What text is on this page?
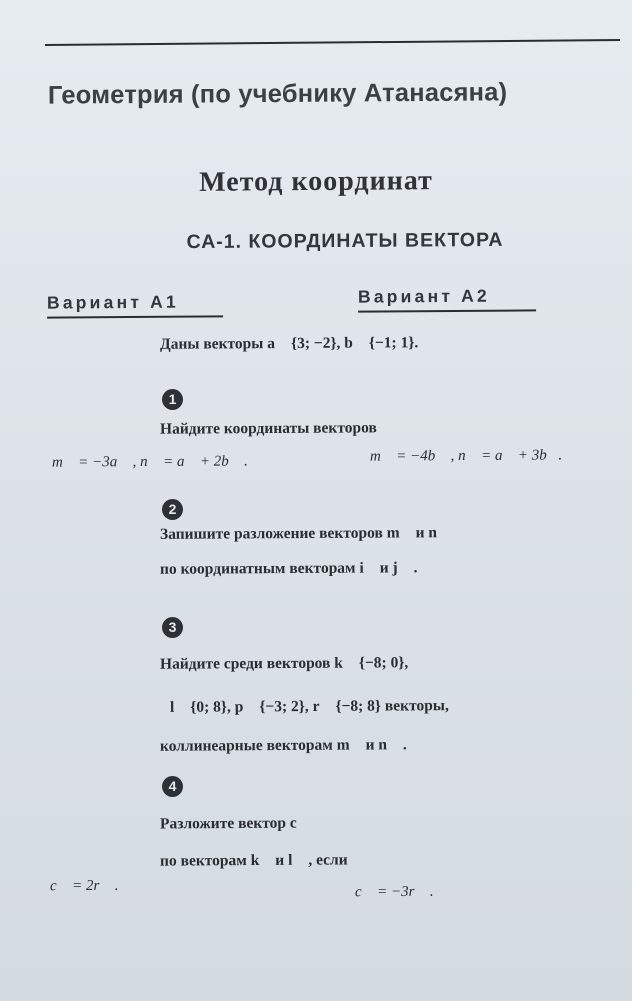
Геометрия (по учебнику Атанасяна)
Метод координат
СА-1. КООРДИНАТЫ ВЕКТОРА
Вариант А1	Вариант А2
Даны векторы a⃗ {3; −2}, b⃗ {−1; 1}.
1
Найдите координаты векторов
m⃗ = −3a⃗ , n⃗ = a⃗ + 2b⃗ .	m⃗ = −4b⃗ , n⃗ = a⃗ + 3b⃗.
2
Запишите разложение векторов m⃗ и n⃗
по координатным векторам i⃗ и j⃗ .
3
Найдите среди векторов k⃗ {−8; 0},
l⃗ {0; 8}, p⃗ {−3; 2}, r⃗ {−8; 8} векторы,
коллинеарные векторам m⃗ и n⃗ .
4
Разложите вектор c⃗
по векторам k⃗ и l⃗ , если
c⃗ = 2r⃗ .	c⃗ = −3r⃗ .
